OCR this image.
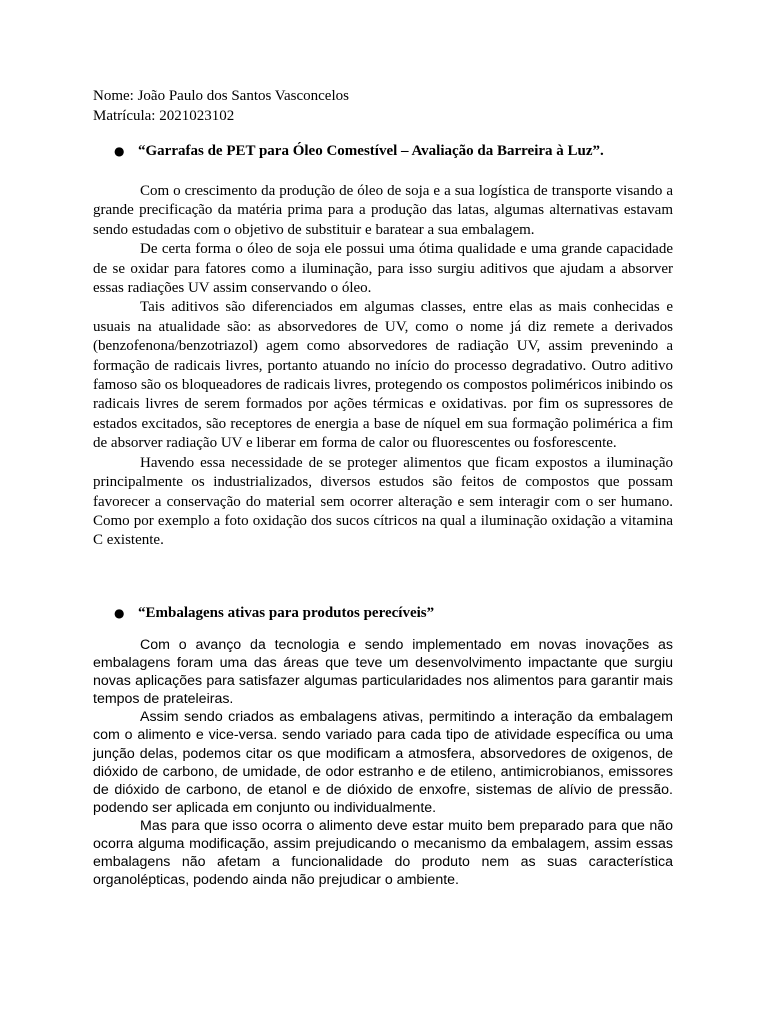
Nome: João Paulo dos Santos Vasconcelos
Matrícula: 2021023102
● “Garrafas de PET para Óleo Comestível – Avaliação da Barreira à Luz”.

Com o crescimento da produção de óleo de soja e a sua logística de transporte visando a grande precificação da matéria prima para a produção das latas, algumas alternativas estavam sendo estudadas com o objetivo de substituir e baratear a sua embalagem.

De certa forma o óleo de soja ele possui uma ótima qualidade e uma grande capacidade de se oxidar para fatores como a iluminação, para isso surgiu aditivos que ajudam a absorver essas radiações UV assim conservando o óleo.

Tais aditivos são diferenciados em algumas classes, entre elas as mais conhecidas e usuais na atualidade são: as absorvedores de UV, como o nome já diz remete a derivados (benzofenona/benzotriazol) agem como absorvedores de radiação UV, assim prevenindo a formação de radicais livres, portanto atuando no início do processo degradativo. Outro aditivo famoso são os bloqueadores de radicais livres, protegendo os compostos poliméricos inibindo os radicais livres de serem formados por ações térmicas e oxidativas. por fim os supressores de estados excitados, são receptores de energia a base de níquel em sua formação polimérica a fim de absorver radiação UV e liberar em forma de calor ou fluorescentes ou fosforescente.

Havendo essa necessidade de se proteger alimentos que ficam expostos a iluminação principalmente os industrializados, diversos estudos são feitos de compostos que possam favorecer a conservação do material sem ocorrer alteração e sem interagir com o ser humano. Como por exemplo a foto oxidação dos sucos cítricos na qual a iluminação oxidação a vitamina C existente.

● “Embalagens ativas para produtos perecíveis”

Com o avanço da tecnologia e sendo implementado em novas inovações as embalagens foram uma das áreas que teve um desenvolvimento impactante que surgiu novas aplicações para satisfazer algumas particularidades nos alimentos para garantir mais tempos de prateleiras.

Assim sendo criados as embalagens ativas, permitindo a interação da embalagem com o alimento e vice-versa. sendo variado para cada tipo de atividade específica ou uma junção delas, podemos citar os que modificam a atmosfera, absorvedores de oxigenos, de dióxido de carbono, de umidade, de odor estranho e de etileno, antimicrobianos, emissores de dióxido de carbono, de etanol e de dióxido de enxofre, sistemas de alívio de pressão. podendo ser aplicada em conjunto ou individualmente.

Mas para que isso ocorra o alimento deve estar muito bem preparado para que não ocorra alguma modificação, assim prejudicando o mecanismo da embalagem, assim essas embalagens não afetam a funcionalidade do produto nem as suas característica organolépticas, podendo ainda não prejudicar o ambiente.
